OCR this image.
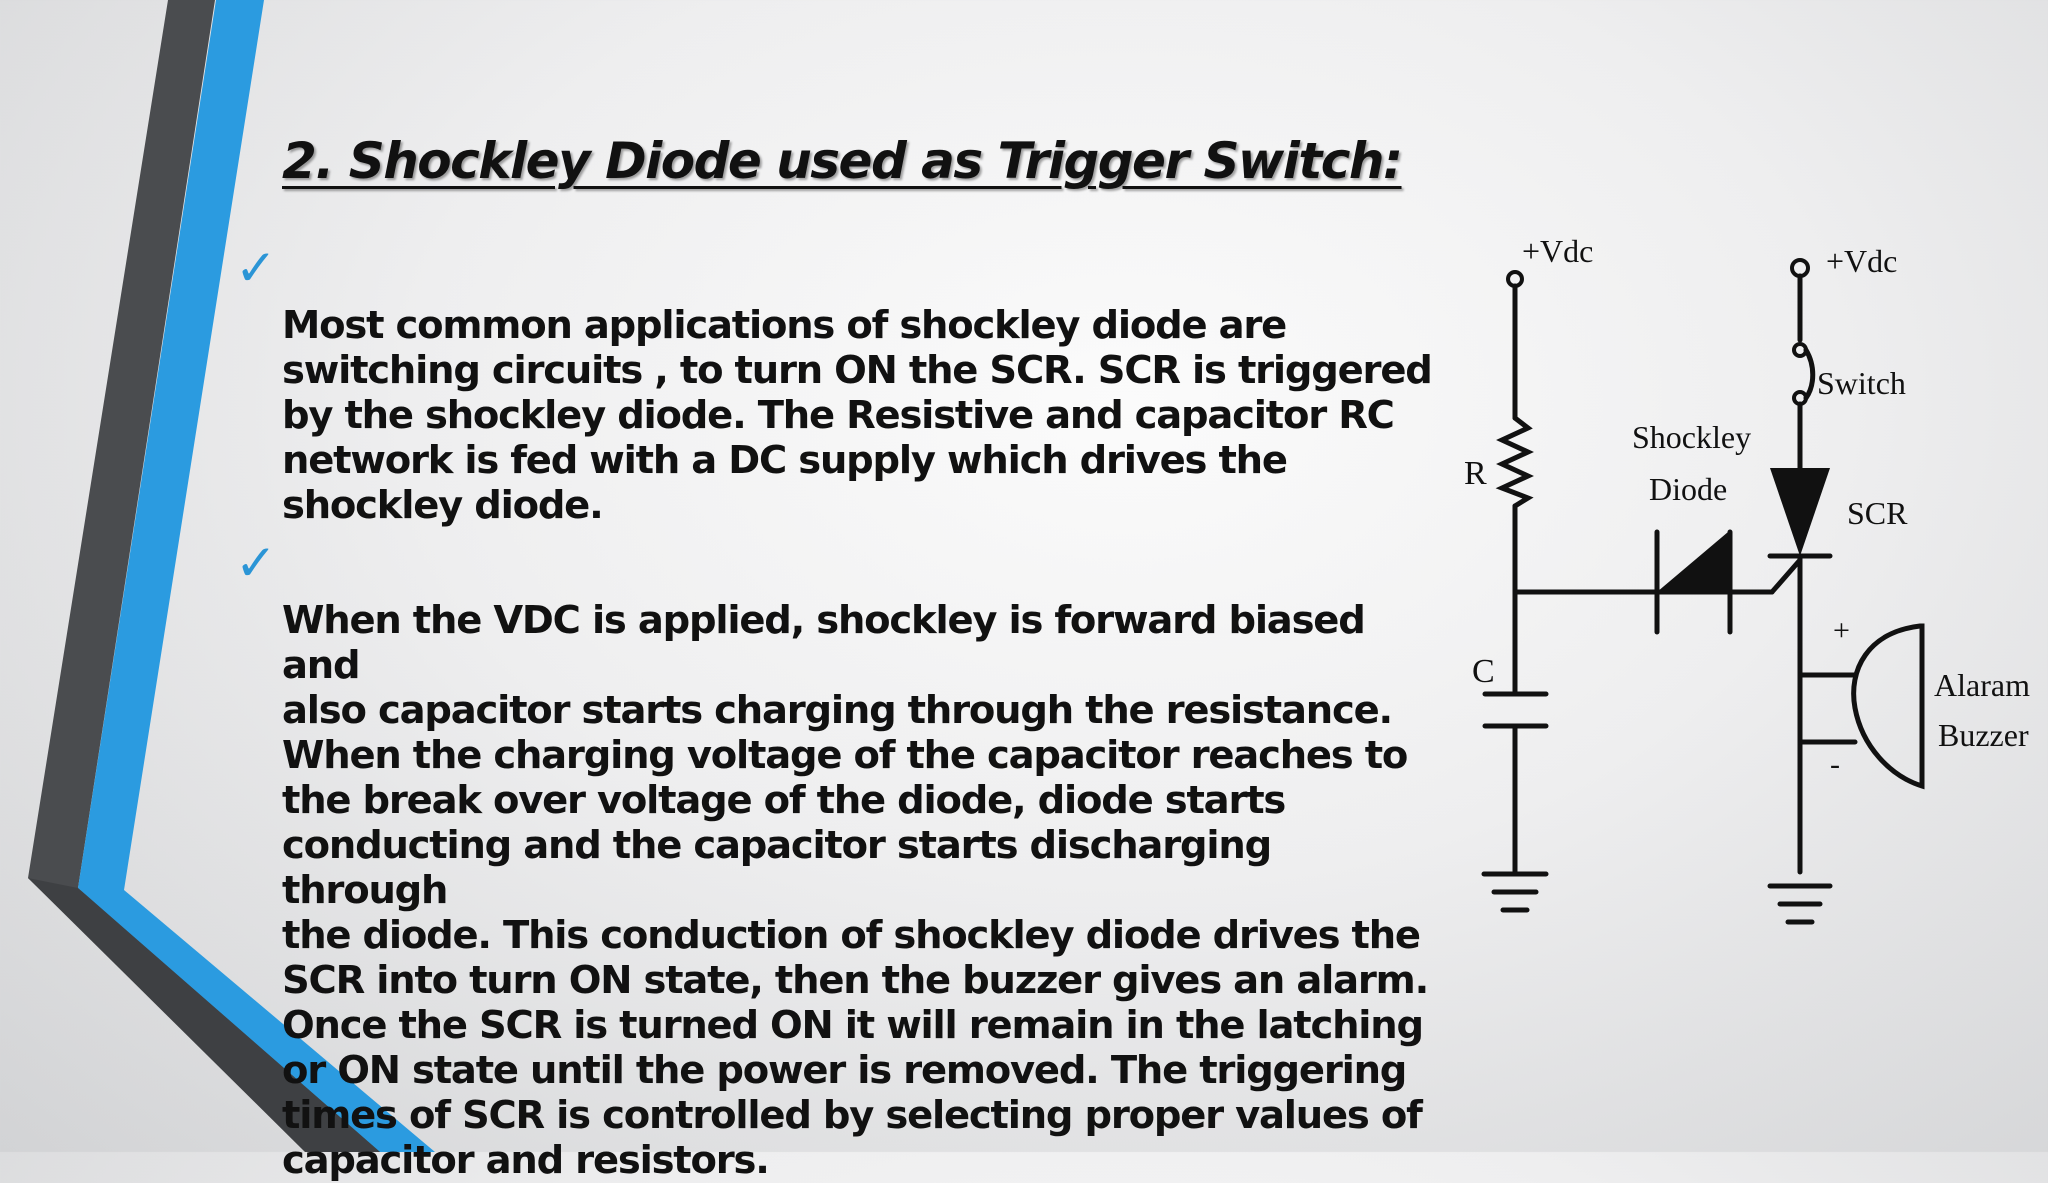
2. Shockley Diode used as Trigger Switch:

✓
Most common applications of shockley diode are
switching circuits , to turn ON the SCR. SCR is triggered
by the shockley diode. The Resistive and capacitor RC
network is fed with a DC supply which drives the
shockley diode.

✓
When the VDC is applied, shockley is forward biased and
also capacitor starts charging through the resistance.
When the charging voltage of the capacitor reaches to
the break over voltage of the diode, diode starts
conducting and the capacitor starts discharging through
the diode. This conduction of shockley diode drives the
SCR into turn ON state, then the buzzer gives an alarm.
Once the SCR is turned ON it will remain in the latching
or ON state until the power is removed. The triggering
times of SCR is controlled by selecting proper values of
capacitor and resistors.

+Vdc	+Vdc
Switch
R
Shockley
Diode
SCR
C
+
-
Alaram
Buzzer
